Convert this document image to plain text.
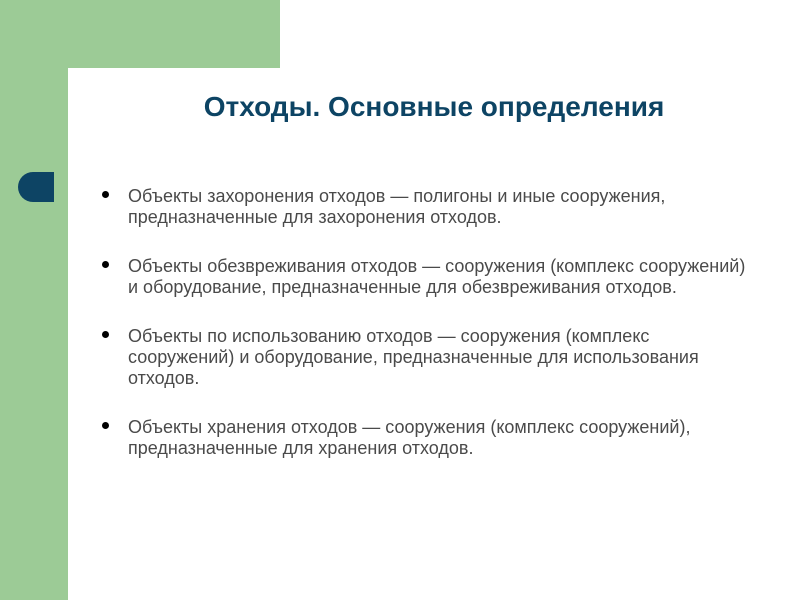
Отходы. Основные определения
Объекты захоронения отходов — полигоны и иные сооружения, предназначенные для захоронения отходов.
Объекты обезвреживания отходов — сооружения (комплекс сооружений) и оборудование, предназначенные для обезвреживания отходов.
Объекты по использованию отходов — сооружения (комплекс сооружений) и оборудование, предназначенные для использования отходов.
Объекты хранения отходов — сооружения (комплекс сооружений), предназначенные для хранения отходов.
